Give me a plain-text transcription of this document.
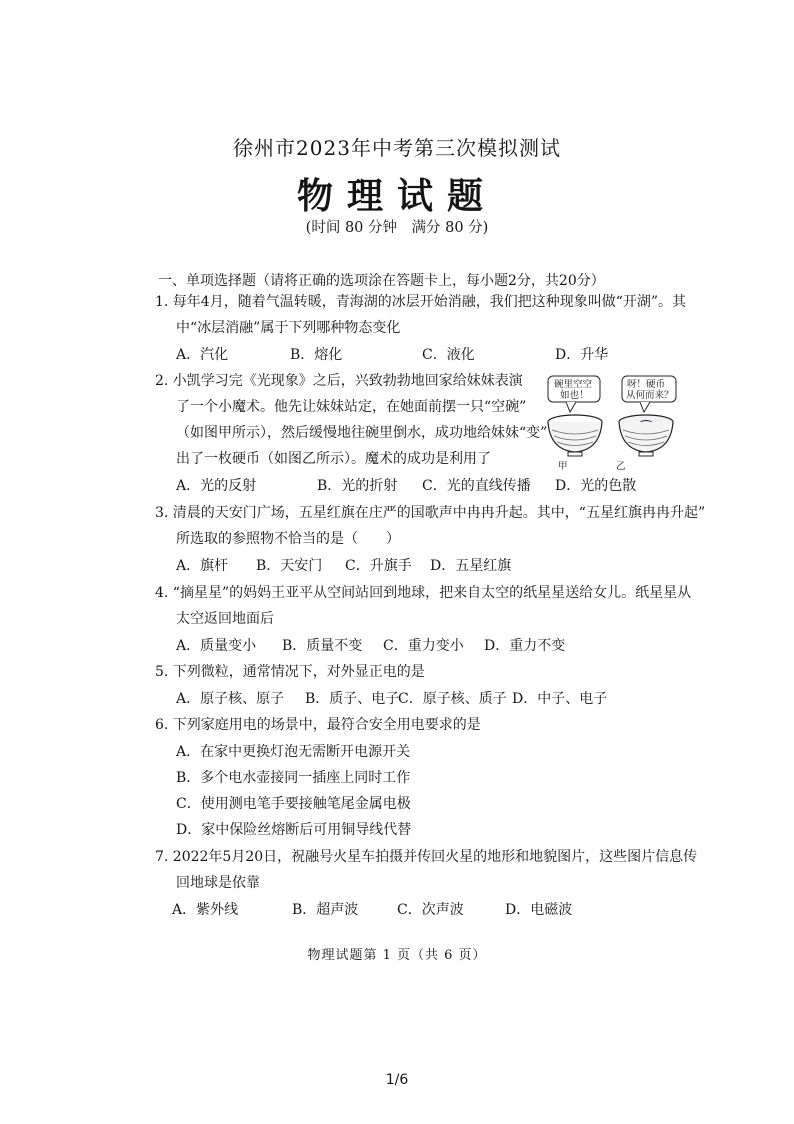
徐州市2023年中考第三次模拟测试
物理试题
(时间 80 分钟　满分 80 分)
一、单项选择题（请将正确的选项涂在答题卡上，每小题2分，共20分）
1. 每年4月，随着气温转暖，青海湖的冰层开始消融，我们把这种现象叫做“开湖”。其
中“冰层消融”属于下列哪种物态变化
A．汽化	B．熔化	C．液化	D．升华
2. 小凯学习完《光现象》之后，兴致勃勃地回家给妹妹表演
了一个小魔术。他先让妹妹站定，在她面前摆一只“空碗”
（如图甲所示），然后缓慢地往碗里倒水，成功地给妹妹“变”
出了一枚硬币（如图乙所示）。魔术的成功是利用了
碗里空空
如也！
呀！硬币
从何而来？
甲	乙
A．光的反射	B．光的折射 C．光的直线传播 D．光的色散
3. 清晨的天安门广场，五星红旗在庄严的国歌声中冉冉升起。其中，“五星红旗冉冉升起”
所选取的参照物不恰当的是（　　）
A．旗杆 B．天安门 C．升旗手 D．五星红旗
4. “摘星星”的妈妈王亚平从空间站回到地球，把来自太空的纸星星送给女儿。纸星星从
太空返回地面后
A．质量变小 B．质量不变 C．重力变小 D．重力不变
5. 下列微粒，通常情况下，对外显正电的是
A．原子核、原子 B．质子、电子
C．原子核、质子 D．中子、电子
6. 下列家庭用电的场景中，最符合安全用电要求的是
A．在家中更换灯泡无需断开电源开关
B．多个电水壶接同一插座上同时工作
C．使用测电笔手要接触笔尾金属电极
D．家中保险丝熔断后可用铜导线代替
7. 2022年5月20日，祝融号火星车拍摄并传回火星的地形和地貌图片，这些图片信息传
回地球是依靠
A．紫外线	B．超声波	C．次声波	D．电磁波
物理试题第 1 页（共 6 页）
1/6
